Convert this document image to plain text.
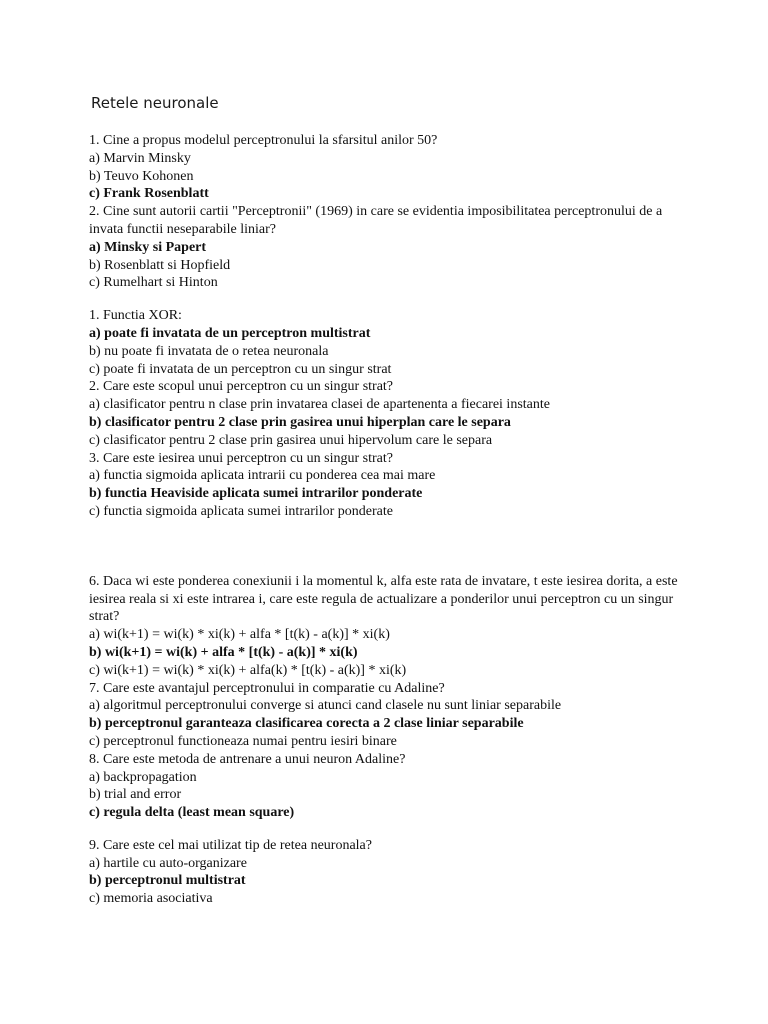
Retele neuronale

1. Cine a propus modelul perceptronului la sfarsitul anilor 50?

a) Marvin Minsky

b) Teuvo Kohonen

c) Frank Rosenblatt

2. Cine sunt autorii cartii "Perceptronii" (1969) in care se evidentia imposibilitatea perceptronului de a invata functii neseparabile liniar?

a) Minsky si Papert

b) Rosenblatt si Hopfield

c) Rumelhart si Hinton

1. Functia XOR:

a) poate fi invatata de un perceptron multistrat

b) nu poate fi invatata de o retea neuronala

c) poate fi invatata de un perceptron cu un singur strat

2. Care este scopul unui perceptron cu un singur strat?

a) clasificator pentru n clase prin invatarea clasei de apartenenta a fiecarei instante

b) clasificator pentru 2 clase prin gasirea unui hiperplan care le separa

c) clasificator pentru 2 clase prin gasirea unui hipervolum care le separa

3. Care este iesirea unui perceptron cu un singur strat?

a) functia sigmoida aplicata intrarii cu ponderea cea mai mare

b) functia Heaviside aplicata sumei intrarilor ponderate

c) functia sigmoida aplicata sumei intrarilor ponderate

6. Daca wi este ponderea conexiunii i la momentul k, alfa este rata de invatare, t este iesirea dorita, a este iesirea reala si xi este intrarea i, care este regula de actualizare a ponderilor unui perceptron cu un singur strat?

a) wi(k+1) = wi(k) * xi(k) + alfa * [t(k) - a(k)] * xi(k)

b) wi(k+1) = wi(k) + alfa * [t(k) - a(k)] * xi(k)

c) wi(k+1) = wi(k) * xi(k) + alfa(k) * [t(k) - a(k)] * xi(k)

7. Care este avantajul perceptronului in comparatie cu Adaline?

a) algoritmul perceptronului converge si atunci cand clasele nu sunt liniar separabile

b) perceptronul garanteaza clasificarea corecta a 2 clase liniar separabile

c) perceptronul functioneaza numai pentru iesiri binare

8. Care este metoda de antrenare a unui neuron Adaline?

a) backpropagation

b) trial and error

c) regula delta (least mean square)

9. Care este cel mai utilizat tip de retea neuronala?

a) hartile cu auto-organizare

b) perceptronul multistrat

c) memoria asociativa
